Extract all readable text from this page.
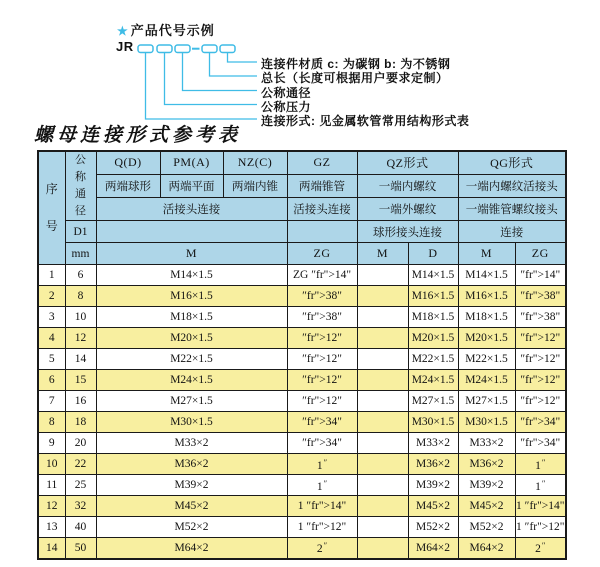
★ 产品代号示例
JR
连接件材质 c: 为碳钢 b: 为不锈钢
总长（长度可根据用户要求定制）
公称通径
公称压力
连接形式: 见金属软管常用结构形式表
螺母连接形式参考表
序号	公称通径	Q(D)	PM(A)	NZ(C)	GZ	QZ形式		QG形式	
		两端球形	两端平面	两端内锥	两端锥管	一端内螺纹		一端内螺纹活接头	
		活接头连接			活接头连接	一端外螺纹		一端锥管螺纹接头	
	D1					球形接头连接		连接	
	mm	M			ZG	M	D	M	ZG
1	6	M14×1.5			ZG ″fr">14"		M14×1.5	M14×1.5	″fr">14"
2	8	M16×1.5			″fr">38"		M16×1.5	M16×1.5	″fr">38"
3	10	M18×1.5			″fr">38"		M18×1.5	M18×1.5	″fr">38"
4	12	M20×1.5			″fr">12"		M20×1.5	M20×1.5	″fr">12"
5	14	M22×1.5			″fr">12"		M22×1.5	M22×1.5	″fr">12"
6	15	M24×1.5			″fr">12"		M24×1.5	M24×1.5	″fr">12"
7	16	M27×1.5			″fr">12"		M27×1.5	M27×1.5	″fr">12"
8	18	M30×1.5			″fr">34"		M30×1.5	M30×1.5	″fr">34"
9	20	M33×2			″fr">34"		M33×2	M33×2	″fr">34"
10	22	M36×2			1″		M36×2	M36×2	1″
11	25	M39×2			1″		M39×2	M39×2	1″
12	32	M45×2			1 ″fr">14"		M45×2	M45×2	1 ″fr">14"
13	40	M52×2			1 ″fr">12"		M52×2	M52×2	1 ″fr">12"
14	50	M64×2			2″		M64×2	M64×2	2″
